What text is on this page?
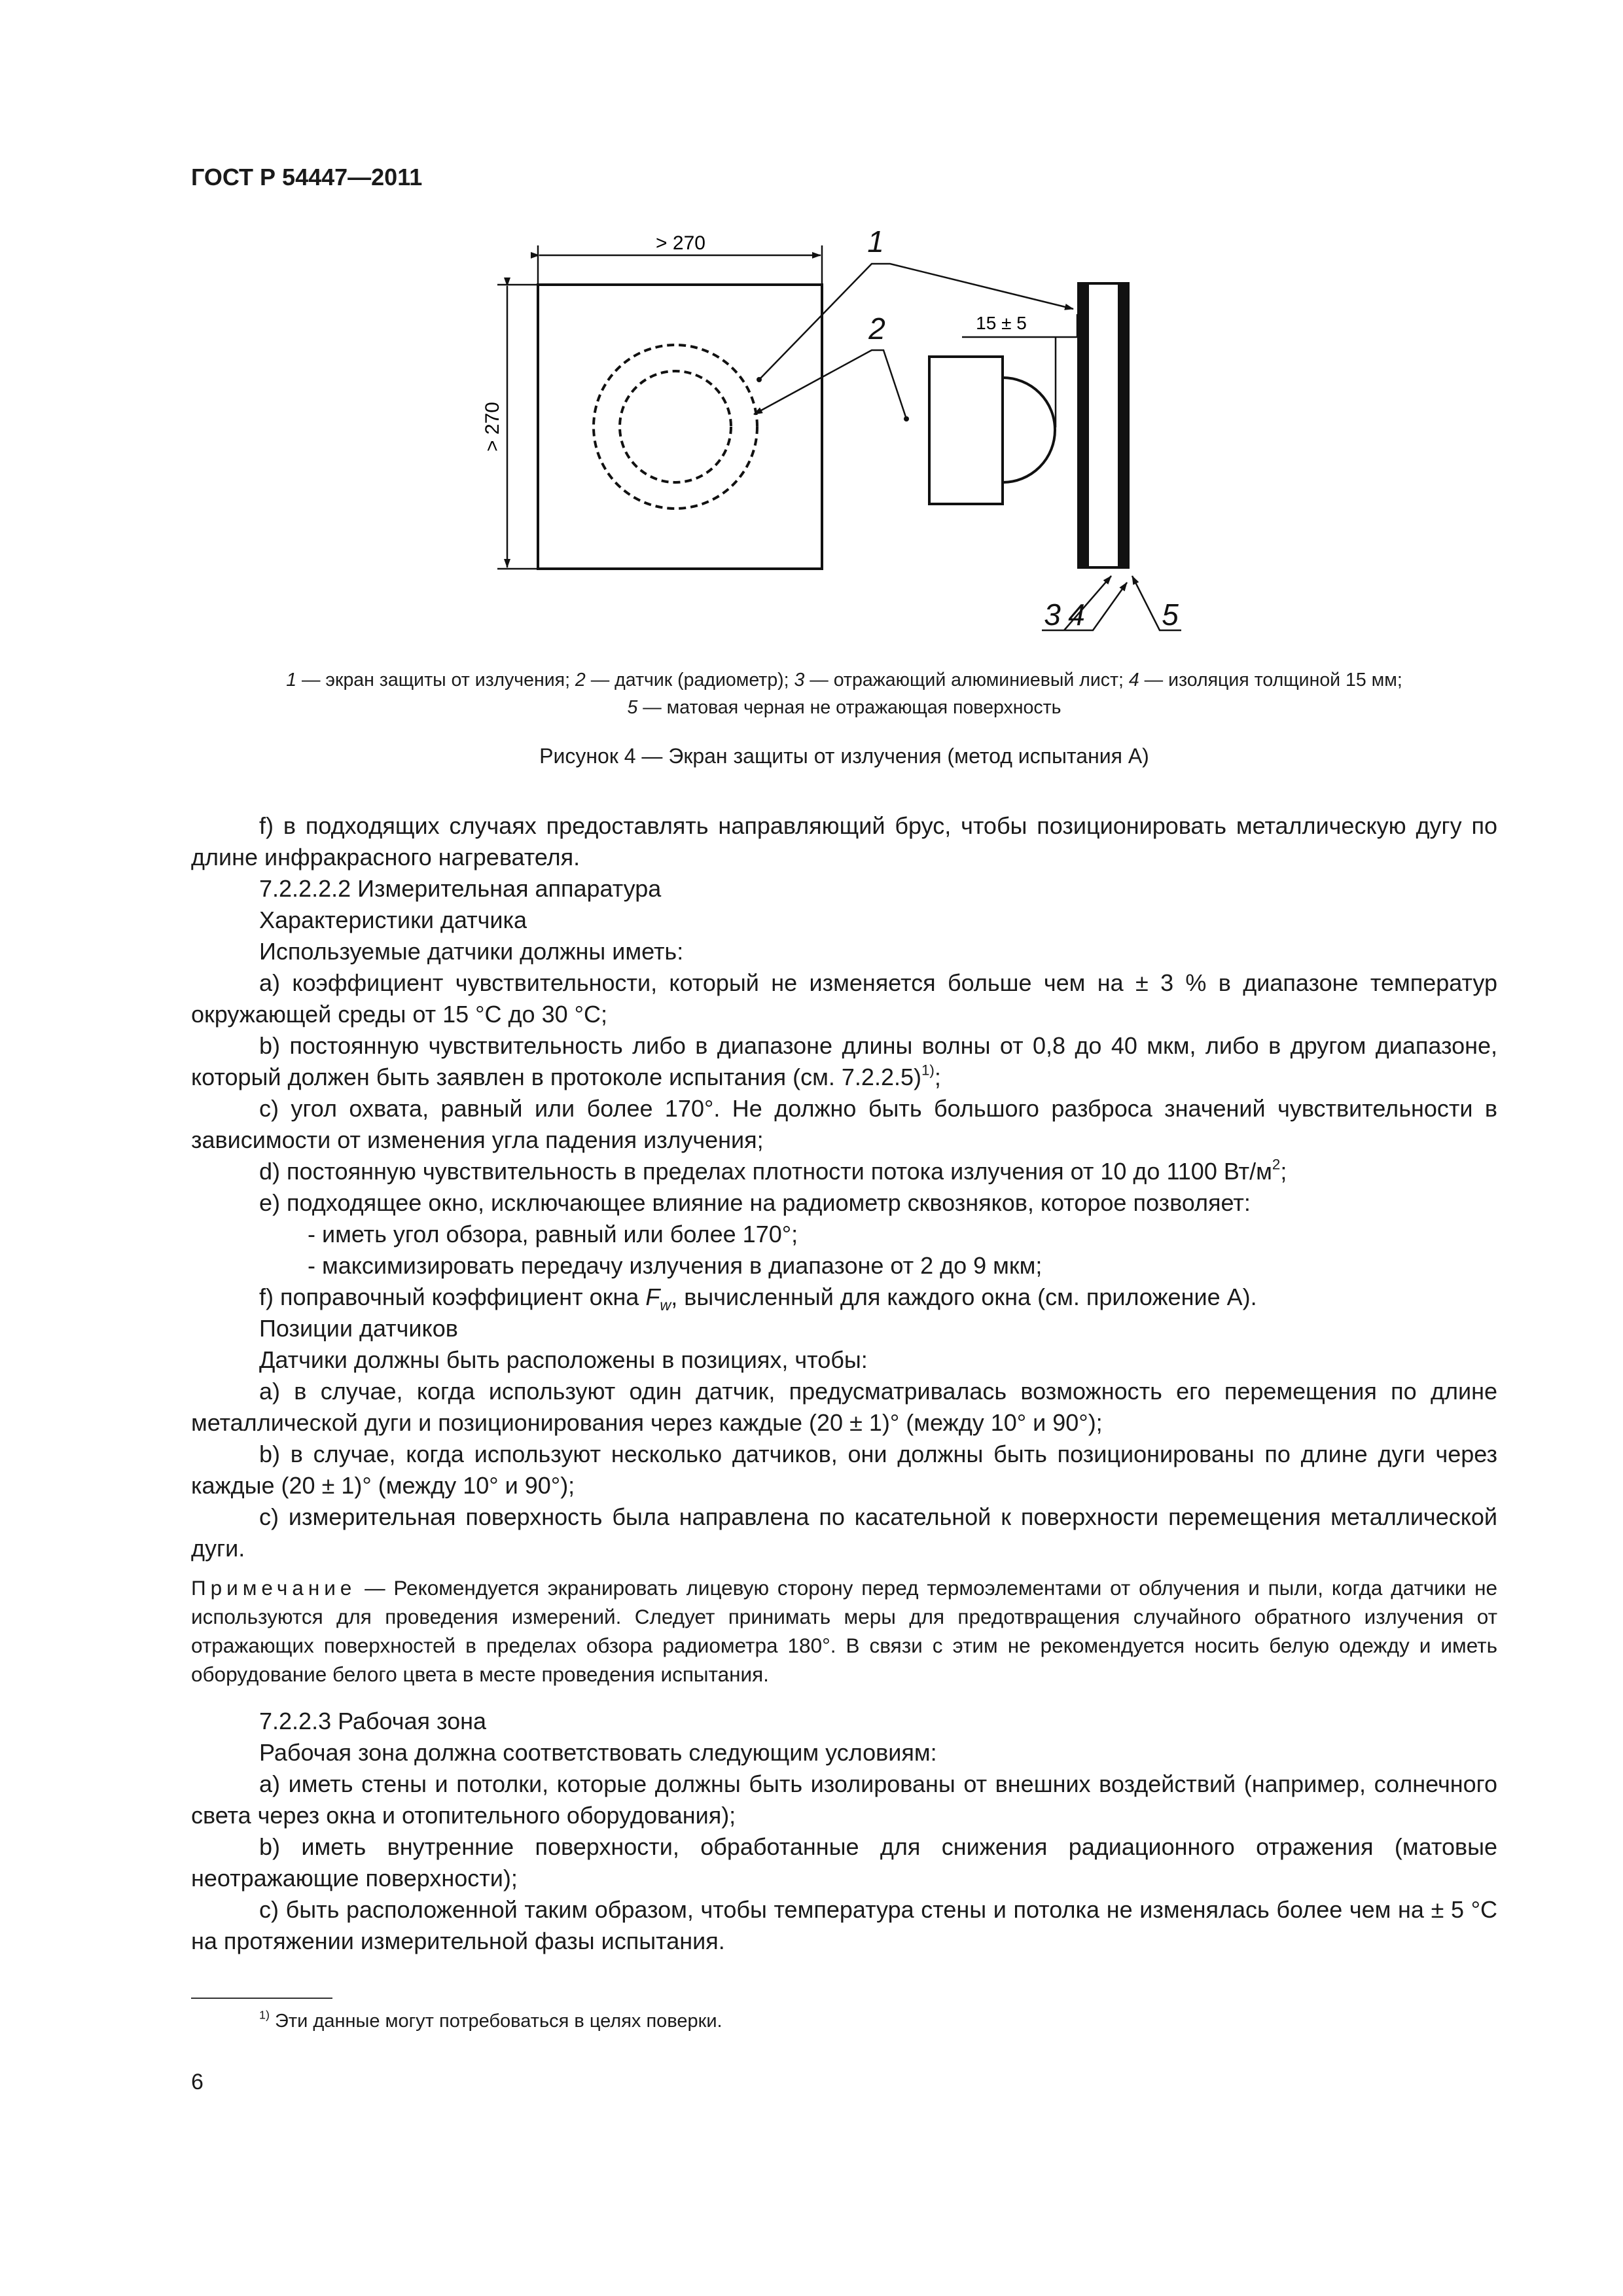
ГОСТ Р 54447—2011
> 270
> 270
15 ± 5
1
2
3 4	5
1 — экран защиты от излучения; 2 — датчик (радиометр); 3 — отражающий алюминиевый лист; 4 — изоляция толщиной 15 мм;
5 — матовая черная не отражающая поверхность
Рисунок 4 — Экран защиты от излучения (метод испытания А)

f) в подходящих случаях предоставлять направляющий брус, чтобы позиционировать металлическую дугу по длине инфракрасного нагревателя.

7.2.2.2.2 Измерительная аппаратура

Характеристики датчика

Используемые датчики должны иметь:

а) коэффициент чувствительности, который не изменяется больше чем на ± 3 % в диапазоне температур окружающей среды от 15 °С до 30 °С;

b) постоянную чувствительность либо в диапазоне длины волны от 0,8 до 40 мкм, либо в другом диапазоне, который должен быть заявлен в протоколе испытания (см. 7.2.2.5)$^{1)}$;

с) угол охвата, равный или более 170°. Не должно быть большого разброса значений чувствительности в зависимости от изменения угла падения излучения;

d) постоянную чувствительность в пределах плотности потока излучения от 10 до 1100 $Вт/м^2$;

е) подходящее окно, исключающее влияние на радиометр сквозняков, которое позволяет:

- иметь угол обзора, равный или более 170°;

- максимизировать передачу излучения в диапазоне от 2 до 9 мкм;

f) поправочный коэффициент окна $F_w$, вычисленный для каждого окна (см. приложение А).

Позиции датчиков

Датчики должны быть расположены в позициях, чтобы:

а) в случае, когда используют один датчик, предусматривалась возможность его перемещения по длине металлической дуги и позиционирования через каждые (20 ± 1)° (между 10° и 90°);

b) в случае, когда используют несколько датчиков, они должны быть позиционированы по длине дуги через каждые (20 ± 1)° (между 10° и 90°);

с) измерительная поверхность была направлена по касательной к поверхности перемещения металлической дуги.

Примечание — Рекомендуется экранировать лицевую сторону перед термоэлементами от облучения и пыли, когда датчики не используются для проведения измерений. Следует принимать меры для предотвращения случайного обратного излучения от отражающих поверхностей в пределах обзора радиометра 180°. В связи с этим не рекомендуется носить белую одежду и иметь оборудование белого цвета в месте проведения испытания.

7.2.2.3 Рабочая зона

Рабочая зона должна соответствовать следующим условиям:

а) иметь стены и потолки, которые должны быть изолированы от внешних воздействий (например, солнечного света через окна и отопительного оборудования);

b) иметь внутренние поверхности, обработанные для снижения радиационного отражения (матовые неотражающие поверхности);

с) быть расположенной таким образом, чтобы температура стены и потолка не изменялась более чем на ± 5 °С на протяжении измерительной фазы испытания.

$^{1)}$ Эти данные могут потребоваться в целях поверки.
6
